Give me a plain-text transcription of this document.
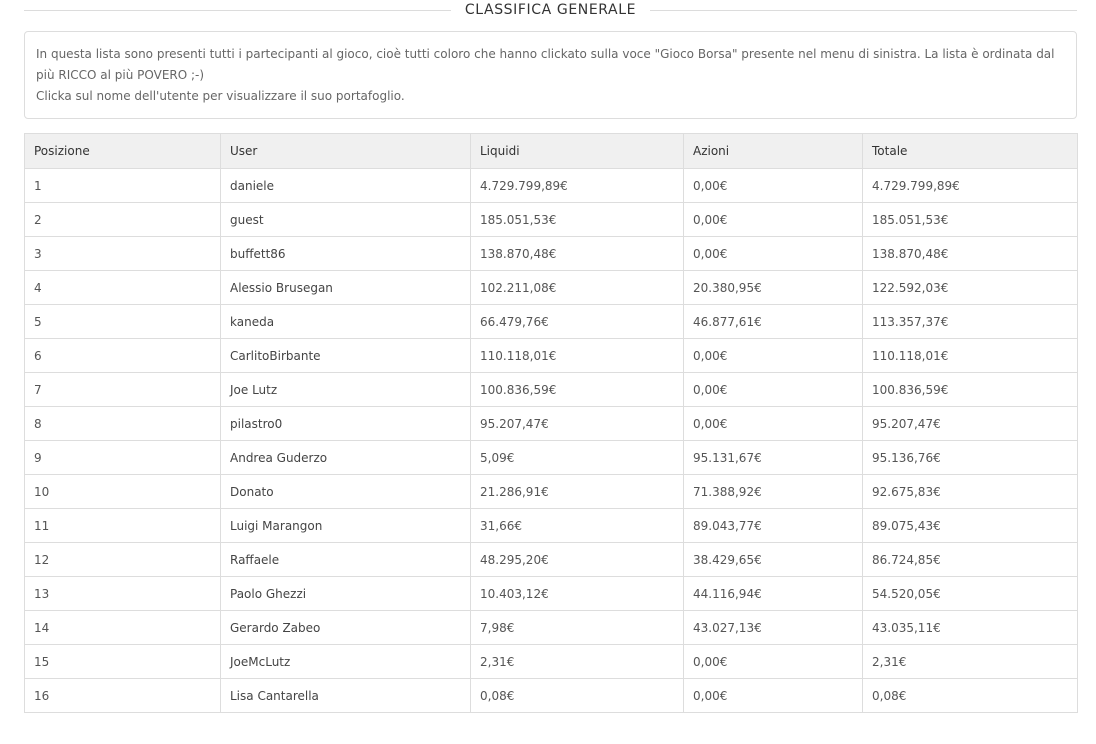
CLASSIFICA GENERALE

In questa lista sono presenti tutti i partecipanti al gioco, cioè tutti coloro che hanno clickato sulla voce "Gioco Borsa" presente nel menu di sinistra. La lista è ordinata dal più RICCO al più POVERO ;-)

Clicka sul nome dell'utente per visualizzare il suo portafoglio.

Posizione	User	Liquidi	Azioni	Totale
1	daniele	4.729.799,89€	0,00€	4.729.799,89€
2	guest	185.051,53€	0,00€	185.051,53€
3	buffett86	138.870,48€	0,00€	138.870,48€
4	Alessio Brusegan	102.211,08€	20.380,95€	122.592,03€
5	kaneda	66.479,76€	46.877,61€	113.357,37€
6	CarlitoBirbante	110.118,01€	0,00€	110.118,01€
7	Joe Lutz	100.836,59€	0,00€	100.836,59€
8	pilastro0	95.207,47€	0,00€	95.207,47€
9	Andrea Guderzo	5,09€	95.131,67€	95.136,76€
10	Donato	21.286,91€	71.388,92€	92.675,83€
11	Luigi Marangon	31,66€	89.043,77€	89.075,43€
12	Raffaele	48.295,20€	38.429,65€	86.724,85€
13	Paolo Ghezzi	10.403,12€	44.116,94€	54.520,05€
14	Gerardo Zabeo	7,98€	43.027,13€	43.035,11€
15	JoeMcLutz	2,31€	0,00€	2,31€
16	Lisa Cantarella	0,08€	0,00€	0,08€
